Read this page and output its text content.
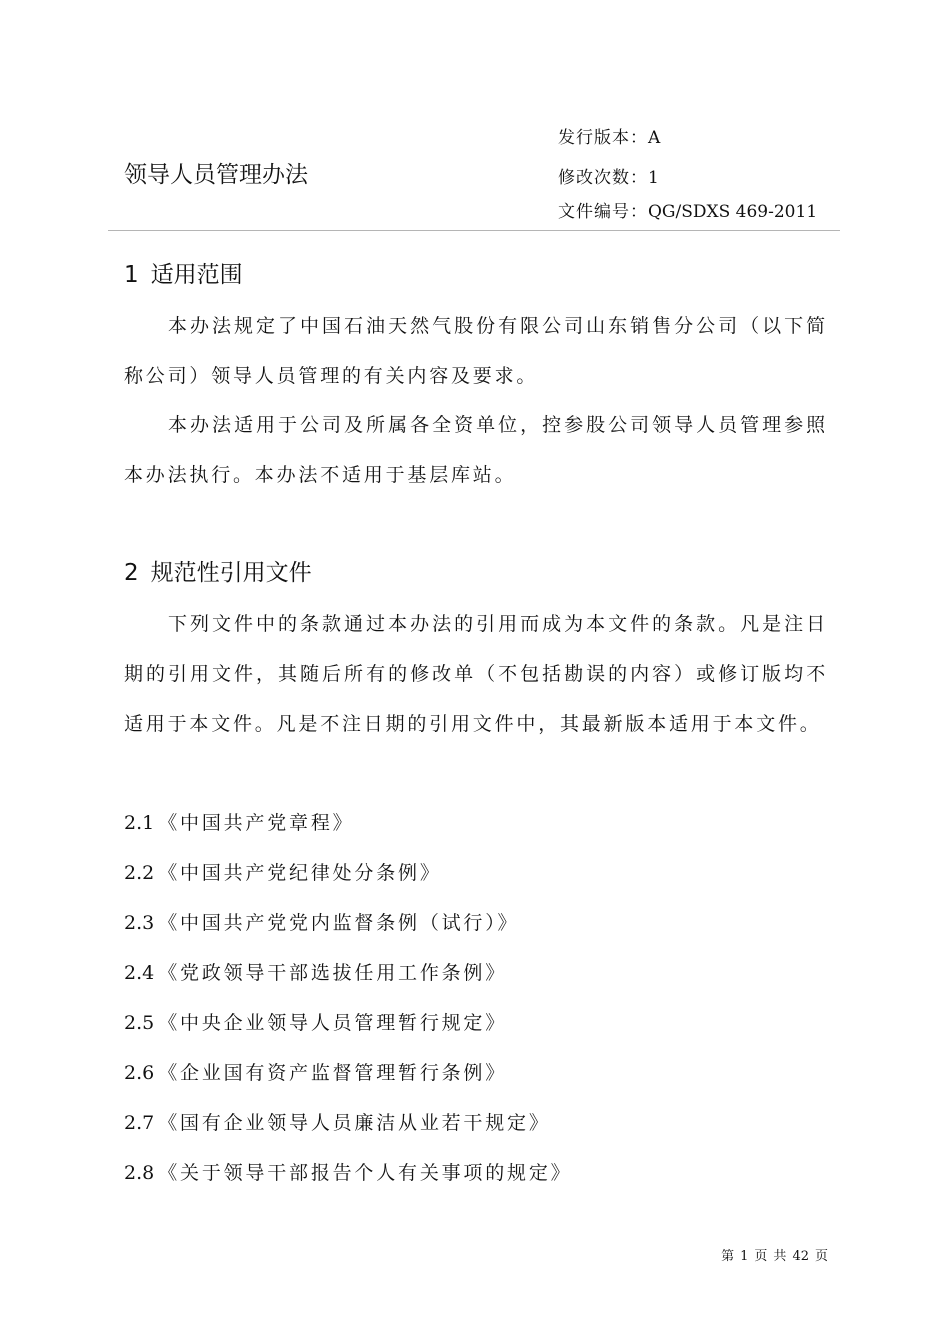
领导人员管理办法
发行版本：A
修改次数：1
文件编号：QG/SDXS 469-2011
1 适用范围

本办法规定了中国石油天然气股份有限公司山东销售分公司（以下简称公司）领导人员管理的有关内容及要求。

本办法适用于公司及所属各全资单位，控参股公司领导人员管理参照本办法执行。本办法不适用于基层库站。

2 规范性引用文件

下列文件中的条款通过本办法的引用而成为本文件的条款。凡是注日期的引用文件，其随后所有的修改单（不包括勘误的内容）或修订版均不适用于本文件。凡是不注日期的引用文件中，其最新版本适用于本文件。

2.1 《中国共产党章程》
2.2 《中国共产党纪律处分条例》
2.3 《中国共产党党内监督条例（试行）》
2.4 《党政领导干部选拔任用工作条例》
2.5 《中央企业领导人员管理暂行规定》
2.6 《企业国有资产监督管理暂行条例》
2.7 《国有企业领导人员廉洁从业若干规定》
2.8 《关于领导干部报告个人有关事项的规定》
第 1 页 共 42 页
